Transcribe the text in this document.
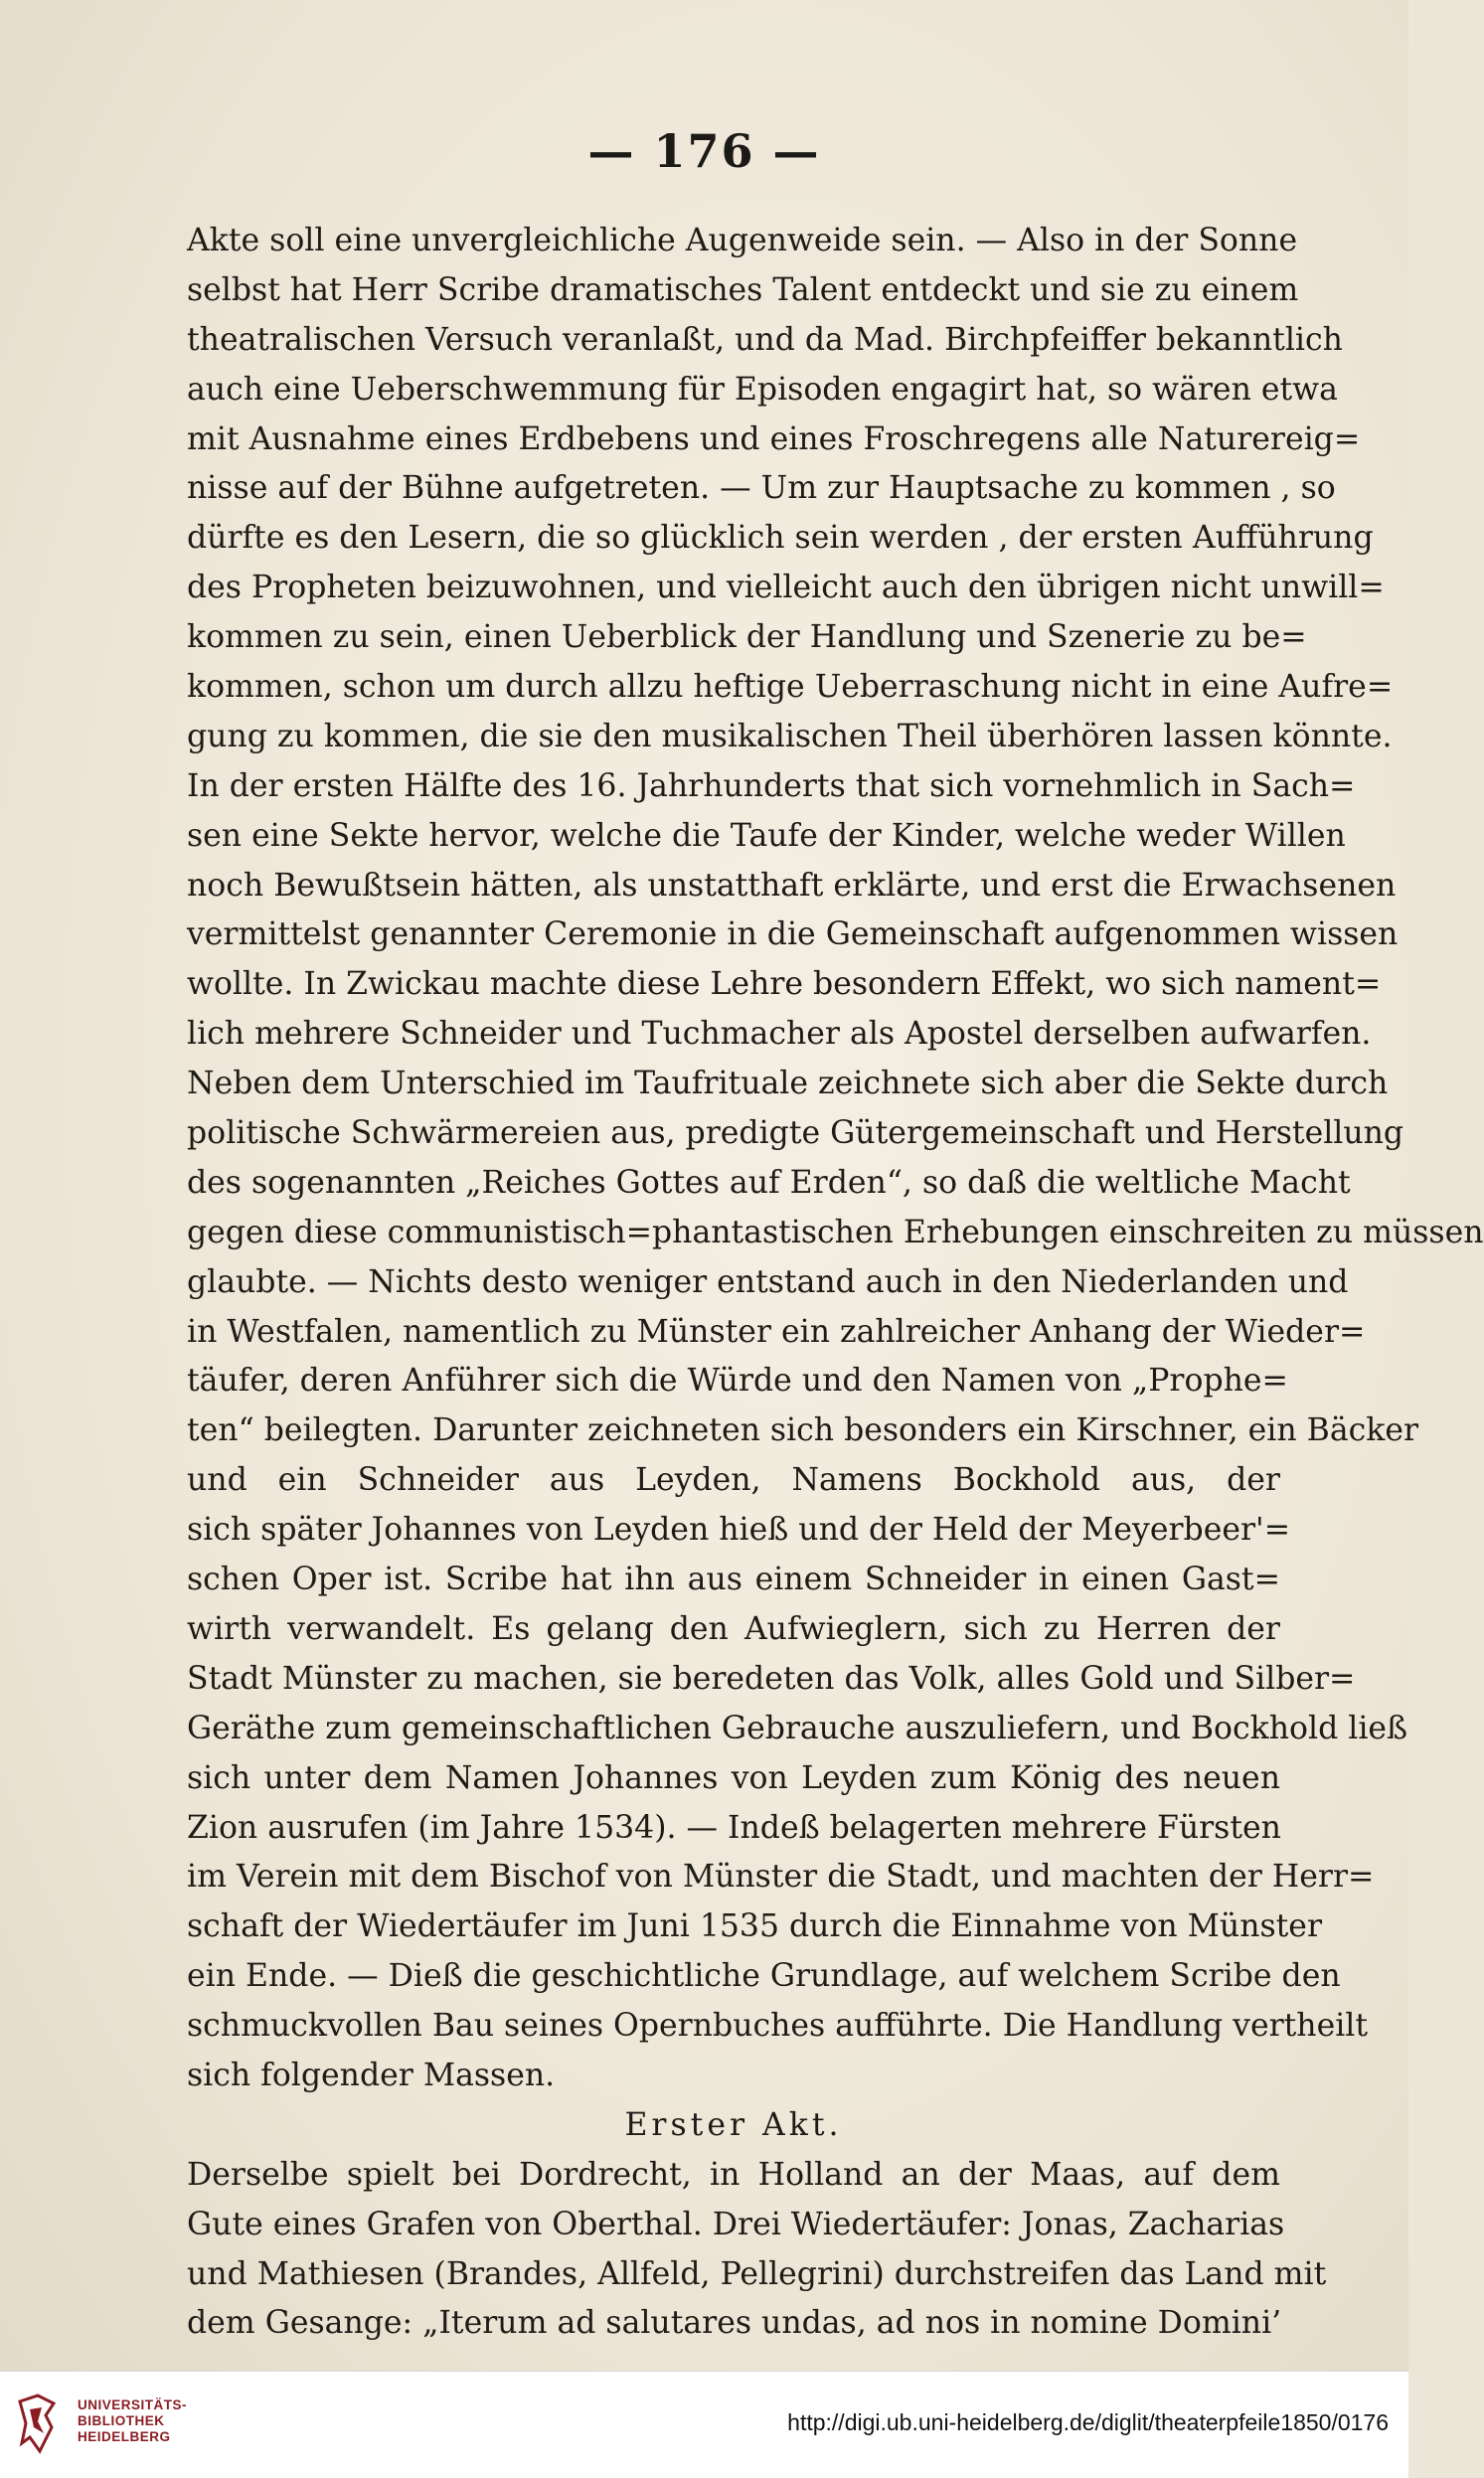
— 176 —
Akte soll eine unvergleichliche Augenweide sein. — Also in der Sonne
selbst hat Herr Scribe dramatisches Talent entdeckt und sie zu einem
theatralischen Versuch veranlaßt, und da Mad. Birchpfeiffer bekanntlich
auch eine Ueberschwemmung für Episoden engagirt hat, so wären etwa
mit Ausnahme eines Erdbebens und eines Froschregens alle Naturereig=
nisse auf der Bühne aufgetreten. — Um zur Hauptsache zu kommen , so
dürfte es den Lesern, die so glücklich sein werden , der ersten Aufführung
des Propheten beizuwohnen, und vielleicht auch den übrigen nicht unwill=
kommen zu sein, einen Ueberblick der Handlung und Szenerie zu be=
kommen, schon um durch allzu heftige Ueberraschung nicht in eine Aufre=
gung zu kommen, die sie den musikalischen Theil überhören lassen könnte.
In der ersten Hälfte des 16. Jahrhunderts that sich vornehmlich in Sach=
sen eine Sekte hervor, welche die Taufe der Kinder, welche weder Willen
noch Bewußtsein hätten, als unstatthaft erklärte, und erst die Erwachsenen
vermittelst genannter Ceremonie in die Gemeinschaft aufgenommen wissen
wollte. In Zwickau machte diese Lehre besondern Effekt, wo sich nament=
lich mehrere Schneider und Tuchmacher als Apostel derselben aufwarfen.
Neben dem Unterschied im Taufrituale zeichnete sich aber die Sekte durch
politische Schwärmereien aus, predigte Gütergemeinschaft und Herstellung
des sogenannten „Reiches Gottes auf Erden“, so daß die weltliche Macht
gegen diese communistisch=phantastischen Erhebungen einschreiten zu müssen
glaubte. — Nichts desto weniger entstand auch in den Niederlanden und
in Westfalen, namentlich zu Münster ein zahlreicher Anhang der Wieder=
täufer, deren Anführer sich die Würde und den Namen von „Prophe=
ten“ beilegten. Darunter zeichneten sich besonders ein Kirschner, ein Bäcker
und ein Schneider aus Leyden, Namens Bockhold aus, der
sich später Johannes von Leyden hieß und der Held der Meyerbeer'=
schen Oper ist. Scribe hat ihn aus einem Schneider in einen Gast=
wirth verwandelt. Es gelang den Aufwieglern, sich zu Herren der
Stadt Münster zu machen, sie beredeten das Volk, alles Gold und Silber=
Geräthe zum gemeinschaftlichen Gebrauche auszuliefern, und Bockhold ließ
sich unter dem Namen Johannes von Leyden zum König des neuen
Zion ausrufen (im Jahre 1534). — Indeß belagerten mehrere Fürsten
im Verein mit dem Bischof von Münster die Stadt, und machten der Herr=
schaft der Wiedertäufer im Juni 1535 durch die Einnahme von Münster
ein Ende. — Dieß die geschichtliche Grundlage, auf welchem Scribe den
schmuckvollen Bau seines Opernbuches aufführte. Die Handlung vertheilt
sich folgender Massen.
Erster Akt.
Derselbe spielt bei Dordrecht, in Holland an der Maas, auf dem
Gute eines Grafen von Oberthal. Drei Wiedertäufer: Jonas, Zacharias
und Mathiesen (Brandes, Allfeld, Pellegrini) durchstreifen das Land mit
dem Gesange: „Iterum ad salutares undas, ad nos in nomine Domini’
UNIVERSITÄTS-
BIBLIOTHEK
HEIDELBERG
http://digi.ub.uni-heidelberg.de/diglit/theaterpfeile1850/0176
